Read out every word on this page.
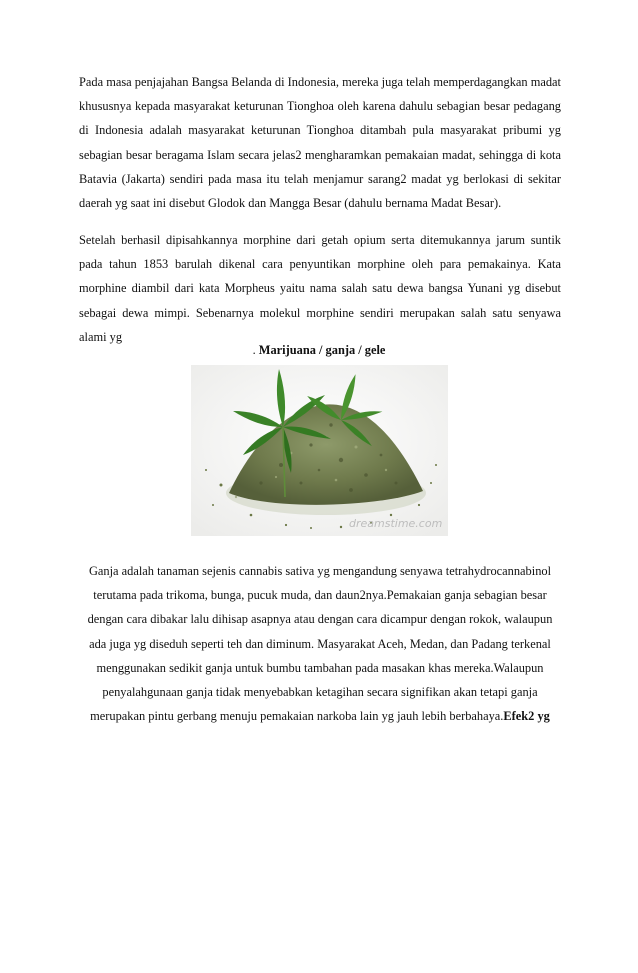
Pada masa penjajahan Bangsa Belanda di Indonesia, mereka juga telah memperdagangkan madat khususnya kepada masyarakat keturunan Tionghoa oleh karena dahulu sebagian besar pedagang di Indonesia adalah masyarakat keturunan Tionghoa ditambah pula masyarakat pribumi yg sebagian besar beragama Islam secara jelas2 mengharamkan pemakaian madat, sehingga di kota Batavia (Jakarta) sendiri pada masa itu telah menjamur sarang2 madat yg berlokasi di sekitar daerah yg saat ini disebut Glodok dan Mangga Besar (dahulu bernama Madat Besar).
Setelah berhasil dipisahkannya morphine dari getah opium serta ditemukannya jarum suntik pada tahun 1853 barulah dikenal cara penyuntikan morphine oleh para pemakainya. Kata morphine diambil dari kata Morpheus yaitu nama salah satu dewa bangsa Yunani yg disebut sebagai dewa mimpi. Sebenarnya molekul morphine sendiri merupakan salah satu senyawa alami yg
. Marijuana / ganja / gele
dreamstime.com
Ganja adalah tanaman sejenis cannabis sativa yg mengandung senyawa tetrahydrocannabinol
terutama pada trikoma, bunga, pucuk muda, dan daun2nya.Pemakaian ganja sebagian besar
dengan cara dibakar lalu dihisap asapnya atau dengan cara dicampur dengan rokok, walaupun
ada juga yg diseduh seperti teh dan diminum. Masyarakat Aceh, Medan, dan Padang terkenal
menggunakan sedikit ganja untuk bumbu tambahan pada masakan khas mereka.Walaupun
penyalahgunaan ganja tidak menyebabkan ketagihan secara signifikan akan tetapi ganja
merupakan pintu gerbang menuju pemakaian narkoba lain yg jauh lebih berbahaya.Efek2 yg
